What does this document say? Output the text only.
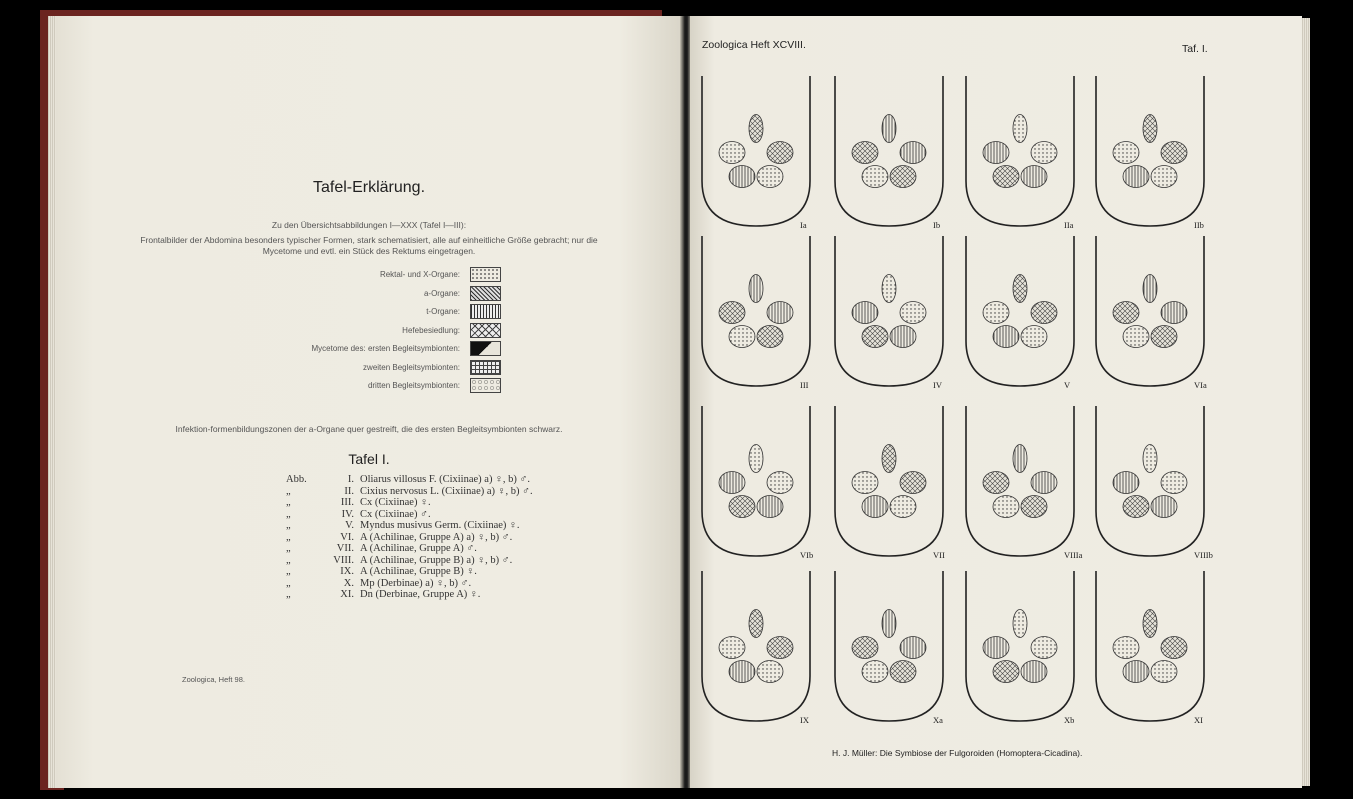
Tafel-Erklärung.
Zu den Übersichtsabbildungen I—XXX (Tafel I—III):
Frontalbilder der Abdomina besonders typischer Formen, stark schematisiert, alle auf einheitliche Größe gebracht; nur die
Mycetome und evtl. ein Stück des Rektums eingetragen.
Rektal- und X-Organe:
a-Organe:
t-Organe:
Hefebesiedlung:
Mycetome des: ersten Begleitsymbionten:
zweiten Begleitsymbionten:
dritten Begleitsymbionten:
Infektion-formenbildungszonen der a-Organe quer gestreift, die des ersten Begleitsymbionten schwarz.
Tafel I.
Abb.	I. Oliarus villosus F. (Cixiinae) a) ♀, b) ♂.
„	II. Cixius nervosus L. (Cixiinae) a) ♀, b) ♂.
„	III. Cx (Cixiinae) ♀.
„	IV. Cx (Cixiinae) ♂.
„	V. Myndus musivus Germ. (Cixiinae) ♀.
„	VI. A (Achilinae, Gruppe A) a) ♀, b) ♂.
„	VII. A (Achilinae, Gruppe A) ♂.
„	VIII. A (Achilinae, Gruppe B) a) ♀, b) ♂.
„	IX. A (Achilinae, Gruppe B) ♀.
„	X. Mp (Derbinae) a) ♀, b) ♂.
„	XI. Dn (Derbinae, Gruppe A) ♀.
Zoologica, Heft 98.
Zoologica Heft XCVIII.	Taf. I.
Ia	Ib	IIa	IIb
III	IV	V	VIa
VIb	VII	VIIIa	VIIIb
IX	Xa	Xb	XI
H. J. Müller: Die Symbiose der Fulgoroiden (Homoptera-Cicadina).
